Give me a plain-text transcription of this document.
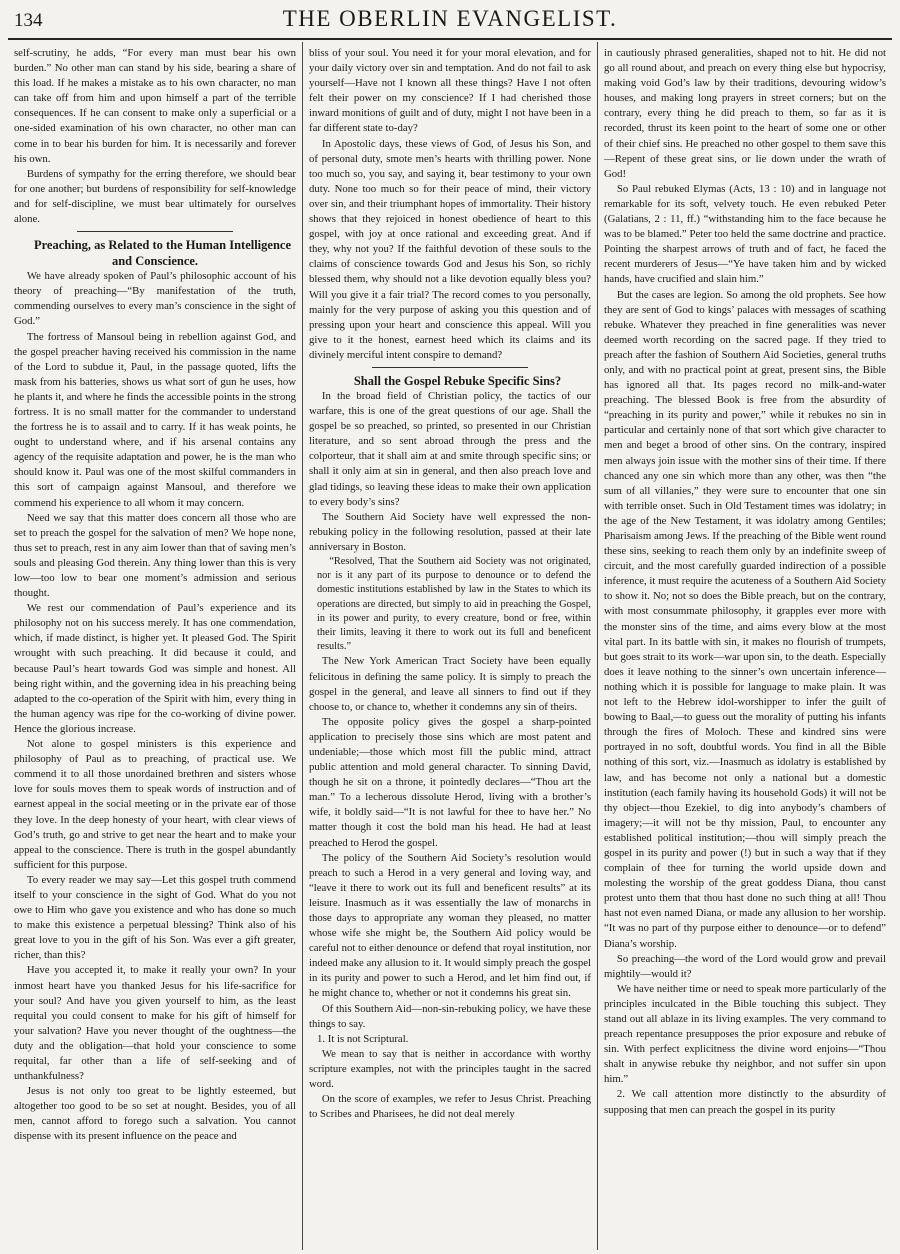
134	THE OBERLIN EVANGELIST.

self-scrutiny, he adds, “For every man must bear his own burden.” No other man can stand by his side, bearing a share of this load. If he makes a mistake as to his own character, no man can take off from him and upon himself a part of the terrible consequences. If he can consent to make only a superficial or a one-sided examination of his own character, no other man can come in to bear his burden for him. It is necessarily and forever his own.

Burdens of sympathy for the erring therefore, we should bear for one another; but burdens of responsibility for self-knowledge and for self-discipline, we must bear ultimately for ourselves alone.

Preaching, as Related to the Human Intelligence and Conscience.

We have already spoken of Paul’s philosophic account of his theory of preaching—“By manifestation of the truth, commending ourselves to every man’s conscience in the sight of God.”

The fortress of Mansoul being in rebellion against God, and the gospel preacher having received his commission in the name of the Lord to subdue it, Paul, in the passage quoted, lifts the mask from his batteries, shows us what sort of gun he uses, how he plants it, and where he finds the accessible points in the strong fortress. It is no small matter for the commander to understand the fortress he is to assail and to carry. If it has weak points, he ought to understand where, and if his arsenal contains any agency of the requisite adaptation and power, he is the man who should know it. Paul was one of the most skilful commanders in this sort of campaign against Mansoul, and therefore we commend his experience to all whom it may concern.

Need we say that this matter does concern all those who are set to preach the gospel for the salvation of men? We hope none, thus set to preach, rest in any aim lower than that of saving men’s souls and pleasing God therein. Any thing lower than this is very low—too low to bear one moment’s admission and serious thought.

We rest our commendation of Paul’s experience and its philosophy not on his success merely. It has one commendation, which, if made distinct, is higher yet. It pleased God. The Spirit wrought with such preaching. It did because it could, and because Paul’s heart towards God was simple and honest. All being right within, and the governing idea in his preaching being adapted to the co-operation of the Spirit with him, every thing in the human agency was ripe for the co-working of divine power. Hence the glorious increase.

Not alone to gospel ministers is this experience and philosophy of Paul as to preaching, of practical use. We commend it to all those unordained brethren and sisters whose love for souls moves them to speak words of instruction and of earnest appeal in the social meeting or in the private ear of those they love. In the deep honesty of your heart, with clear views of God’s truth, go and strive to get near the heart and to make your appeal to the conscience. There is truth in the gospel abundantly sufficient for this purpose.

To every reader we may say—Let this gospel truth commend itself to your conscience in the sight of God. What do you not owe to Him who gave you existence and who has done so much to make this existence a perpetual blessing? Think also of his great love to you in the gift of his Son. Was ever a gift greater, richer, than this?

Have you accepted it, to make it really your own? In your inmost heart have you thanked Jesus for his life-sacrifice for your soul? And have you given yourself to him, as the least requital you could consent to make for his gift of himself for your salvation? Have you never thought of the oughtness—the duty and the obligation—that hold your conscience to some requital, far other than a life of self-seeking and of unthankfulness?

Jesus is not only too great to be lightly esteemed, but altogether too good to be so set at nought. Besides, you of all men, cannot afford to forego such a salvation. You cannot dispense with its present influence on the peace and

bliss of your soul. You need it for your moral elevation, and for your daily victory over sin and temptation. And do not fail to ask yourself—Have not I known all these things? Have I not often felt their power on my conscience? If I had cherished those inward monitions of guilt and of duty, might I not have been in a far different state to-day?

In Apostolic days, these views of God, of Jesus his Son, and of personal duty, smote men’s hearts with thrilling power. None too much so, you say, and saying it, bear testimony to your own duty. None too much so for their peace of mind, their victory over sin, and their triumphant hopes of immortality. Their history shows that they rejoiced in honest obedience of heart to this gospel, with joy at once rational and exceeding great. And if they, why not you? If the faithful devotion of these souls to the claims of conscience towards God and Jesus his Son, so richly blessed them, why should not a like devotion equally bless you? Will you give it a fair trial? The record comes to you personally, mainly for the very purpose of asking you this question and of pressing upon your heart and conscience this appeal. Will you give to it the honest, earnest heed which its claims and its divinely merciful intent conspire to demand?

Shall the Gospel Rebuke Specific Sins?

In the broad field of Christian policy, the tactics of our warfare, this is one of the great questions of our age. Shall the gospel be so preached, so printed, so presented in our Christian literature, and so sent abroad through the press and the colporteur, that it shall aim at and smite through specific sins; or shall it only aim at sin in general, and then also preach love and glad tidings, so leaving these ideas to make their own application to every body’s sins?

The Southern Aid Society have well expressed the non-rebuking policy in the following resolution, passed at their late anniversary in Boston.

“Resolved, That the Southern aid Society was not originated, nor is it any part of its purpose to denounce or to defend the domestic institutions established by law in the States to which its operations are directed, but simply to aid in preaching the Gospel, in its power and purity, to every creature, bond or free, within their limits, leaving it there to work out its full and beneficent results.”

The New York American Tract Society have been equally felicitous in defining the same policy. It is simply to preach the gospel in the general, and leave all sinners to find out if they choose to, or chance to, whether it condemns any sin of theirs.

The opposite policy gives the gospel a sharp-pointed application to precisely those sins which are most patent and undeniable;—those which most fill the public mind, attract public attention and mold general character. To sinning David, though he sit on a throne, it pointedly declares—“Thou art the man.” To a lecherous dissolute Herod, living with a brother’s wife, it boldly said—“It is not lawful for thee to have her.” No matter though it cost the bold man his head. He had at least preached to Herod the gospel.

The policy of the Southern Aid Society’s resolution would preach to such a Herod in a very general and loving way, and “leave it there to work out its full and beneficent results” at its leisure. Inasmuch as it was essentially the law of monarchs in those days to appropriate any woman they pleased, no matter whose wife she might be, the Southern Aid policy would be careful not to either denounce or defend that royal institution, nor indeed make any allusion to it. It would simply preach the gospel in its purity and power to such a Herod, and let him find out, if he might chance to, whether or not it condemns his great sin.

Of this Southern Aid—non-sin-rebuking policy, we have these things to say.

1. It is not Scriptural.

We mean to say that is neither in accordance with worthy scripture examples, not with the principles taught in the sacred word.

On the score of examples, we refer to Jesus Christ. Preaching to Scribes and Pharisees, he did not deal merely

in cautiously phrased generalities, shaped not to hit. He did not go all round about, and preach on every thing else but hypocrisy, making void God’s law by their traditions, devouring widow’s houses, and making long prayers in street corners; but on the contrary, every thing he did preach to them, so far as it is recorded, thrust its keen point to the heart of some one or other of their chief sins. He preached no other gospel to them save this—Repent of these great sins, or lie down under the wrath of God!

So Paul rebuked Elymas (Acts, 13 : 10) and in language not remarkable for its soft, velvety touch. He even rebuked Peter (Galatians, 2 : 11, ff.) “withstanding him to the face because he was to be blamed.” Peter too held the same doctrine and practice. Pointing the sharpest arrows of truth and of fact, he faced the recent murderers of Jesus—“Ye have taken him and by wicked hands, have crucified and slain him.”

But the cases are legion. So among the old prophets. See how they are sent of God to kings’ palaces with messages of scathing rebuke. Whatever they preached in fine generalities was never deemed worth recording on the sacred page. If they tried to preach after the fashion of Southern Aid Societies, general truths only, and with no practical point at great, present sins, the Bible has ignored all that. Its pages record no milk-and-water preaching. The blessed Book is free from the absurdity of “preaching in its purity and power,” while it rebukes no sin in particular and certainly none of that sort which give character to men and beget a brood of other sins. On the contrary, inspired men always join issue with the mother sins of their time. If there chanced any one sin which more than any other, was then “the sum of all villanies,” they were sure to encounter that one sin with terrible onset. Such in Old Testament times was idolatry; in the age of the New Testament, it was idolatry among Gentiles; Pharisaism among Jews. If the preaching of the Bible went round these sins, seeking to reach them only by an indefinite sweep of circuit, and the most carefully guarded indirection of a possible inference, it must require the acuteness of a Southern Aid Society to show it. No; not so does the Bible preach, but on the contrary, with most consummate philosophy, it grapples ever more with the monster sins of the time, and aims every blow at the most vital part. In its battle with sin, it makes no flourish of trumpets, but goes strait to its work—war upon sin, to the death. Especially does it leave nothing to the sinner’s own uncertain inference—nothing which it is possible for language to make plain. It was not left to the Hebrew idol-worshipper to infer the guilt of bowing to Baal,—to guess out the morality of putting his infants through the fires of Moloch. These and kindred sins were portrayed in no soft, doubtful words. You find in all the Bible nothing of this sort, viz.—Inasmuch as idolatry is established by law, and has become not only a national but a domestic institution (each family having its household Gods) it will not be thy object—thou Ezekiel, to dig into anybody’s chambers of imagery;—it will not be thy mission, Paul, to encounter any established political institution;—thou will simply preach the gospel in its purity and power (!) but in such a way that if they complain of thee for turning the world upside down and molesting the worship of the great goddess Diana, thou canst protest unto them that thou hast done no such thing at all! Thou hast not even named Diana, or made any allusion to her worship. “It was no part of thy purpose either to denounce—or to defend” Diana’s worship.

So preaching—the word of the Lord would grow and prevail mightily—would it?

We have neither time or need to speak more particularly of the principles inculcated in the Bible touching this subject. They stand out all ablaze in its living examples. The very command to preach repentance presupposes the prior exposure and rebuke of sin. With perfect explicitness the divine word enjoins—“Thou shalt in anywise rebuke thy neighbor, and not suffer sin upon him.”

2. We call attention more distinctly to the absurdity of supposing that men can preach the gospel in its purity
